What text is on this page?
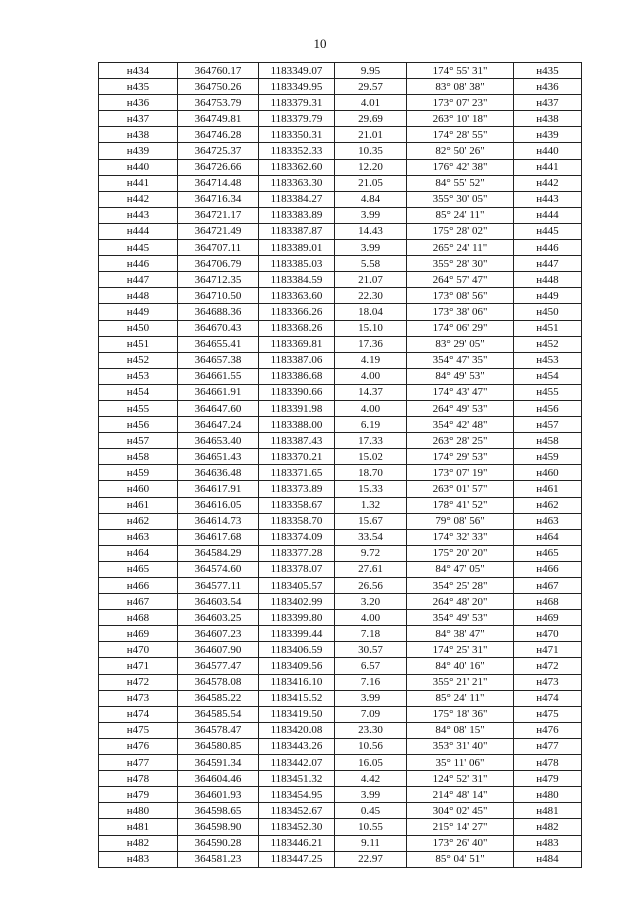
10
н434	364760.17	1183349.07	9.95	174° 55' 31"	н435
н435	364750.26	1183349.95	29.57	83° 08' 38"	н436
н436	364753.79	1183379.31	4.01	173° 07' 23"	н437
н437	364749.81	1183379.79	29.69	263° 10' 18"	н438
н438	364746.28	1183350.31	21.01	174° 28' 55"	н439
н439	364725.37	1183352.33	10.35	82° 50' 26"	н440
н440	364726.66	1183362.60	12.20	176° 42' 38"	н441
н441	364714.48	1183363.30	21.05	84° 55' 52"	н442
н442	364716.34	1183384.27	4.84	355° 30' 05"	н443
н443	364721.17	1183383.89	3.99	85° 24' 11"	н444
н444	364721.49	1183387.87	14.43	175° 28' 02"	н445
н445	364707.11	1183389.01	3.99	265° 24' 11"	н446
н446	364706.79	1183385.03	5.58	355° 28' 30"	н447
н447	364712.35	1183384.59	21.07	264° 57' 47"	н448
н448	364710.50	1183363.60	22.30	173° 08' 56"	н449
н449	364688.36	1183366.26	18.04	173° 38' 06"	н450
н450	364670.43	1183368.26	15.10	174° 06' 29"	н451
н451	364655.41	1183369.81	17.36	83° 29' 05"	н452
н452	364657.38	1183387.06	4.19	354° 47' 35"	н453
н453	364661.55	1183386.68	4.00	84° 49' 53"	н454
н454	364661.91	1183390.66	14.37	174° 43' 47"	н455
н455	364647.60	1183391.98	4.00	264° 49' 53"	н456
н456	364647.24	1183388.00	6.19	354° 42' 48"	н457
н457	364653.40	1183387.43	17.33	263° 28' 25"	н458
н458	364651.43	1183370.21	15.02	174° 29' 53"	н459
н459	364636.48	1183371.65	18.70	173° 07' 19"	н460
н460	364617.91	1183373.89	15.33	263° 01' 57"	н461
н461	364616.05	1183358.67	1.32	178° 41' 52"	н462
н462	364614.73	1183358.70	15.67	79° 08' 56"	н463
н463	364617.68	1183374.09	33.54	174° 32' 33"	н464
н464	364584.29	1183377.28	9.72	175° 20' 20"	н465
н465	364574.60	1183378.07	27.61	84° 47' 05"	н466
н466	364577.11	1183405.57	26.56	354° 25' 28"	н467
н467	364603.54	1183402.99	3.20	264° 48' 20"	н468
н468	364603.25	1183399.80	4.00	354° 49' 53"	н469
н469	364607.23	1183399.44	7.18	84° 38' 47"	н470
н470	364607.90	1183406.59	30.57	174° 25' 31"	н471
н471	364577.47	1183409.56	6.57	84° 40' 16"	н472
н472	364578.08	1183416.10	7.16	355° 21' 21"	н473
н473	364585.22	1183415.52	3.99	85° 24' 11"	н474
н474	364585.54	1183419.50	7.09	175° 18' 36"	н475
н475	364578.47	1183420.08	23.30	84° 08' 15"	н476
н476	364580.85	1183443.26	10.56	353° 31' 40"	н477
н477	364591.34	1183442.07	16.05	35° 11' 06"	н478
н478	364604.46	1183451.32	4.42	124° 52' 31"	н479
н479	364601.93	1183454.95	3.99	214° 48' 14"	н480
н480	364598.65	1183452.67	0.45	304° 02' 45"	н481
н481	364598.90	1183452.30	10.55	215° 14' 27"	н482
н482	364590.28	1183446.21	9.11	173° 26' 40"	н483
н483	364581.23	1183447.25	22.97	85° 04' 51"	н484
